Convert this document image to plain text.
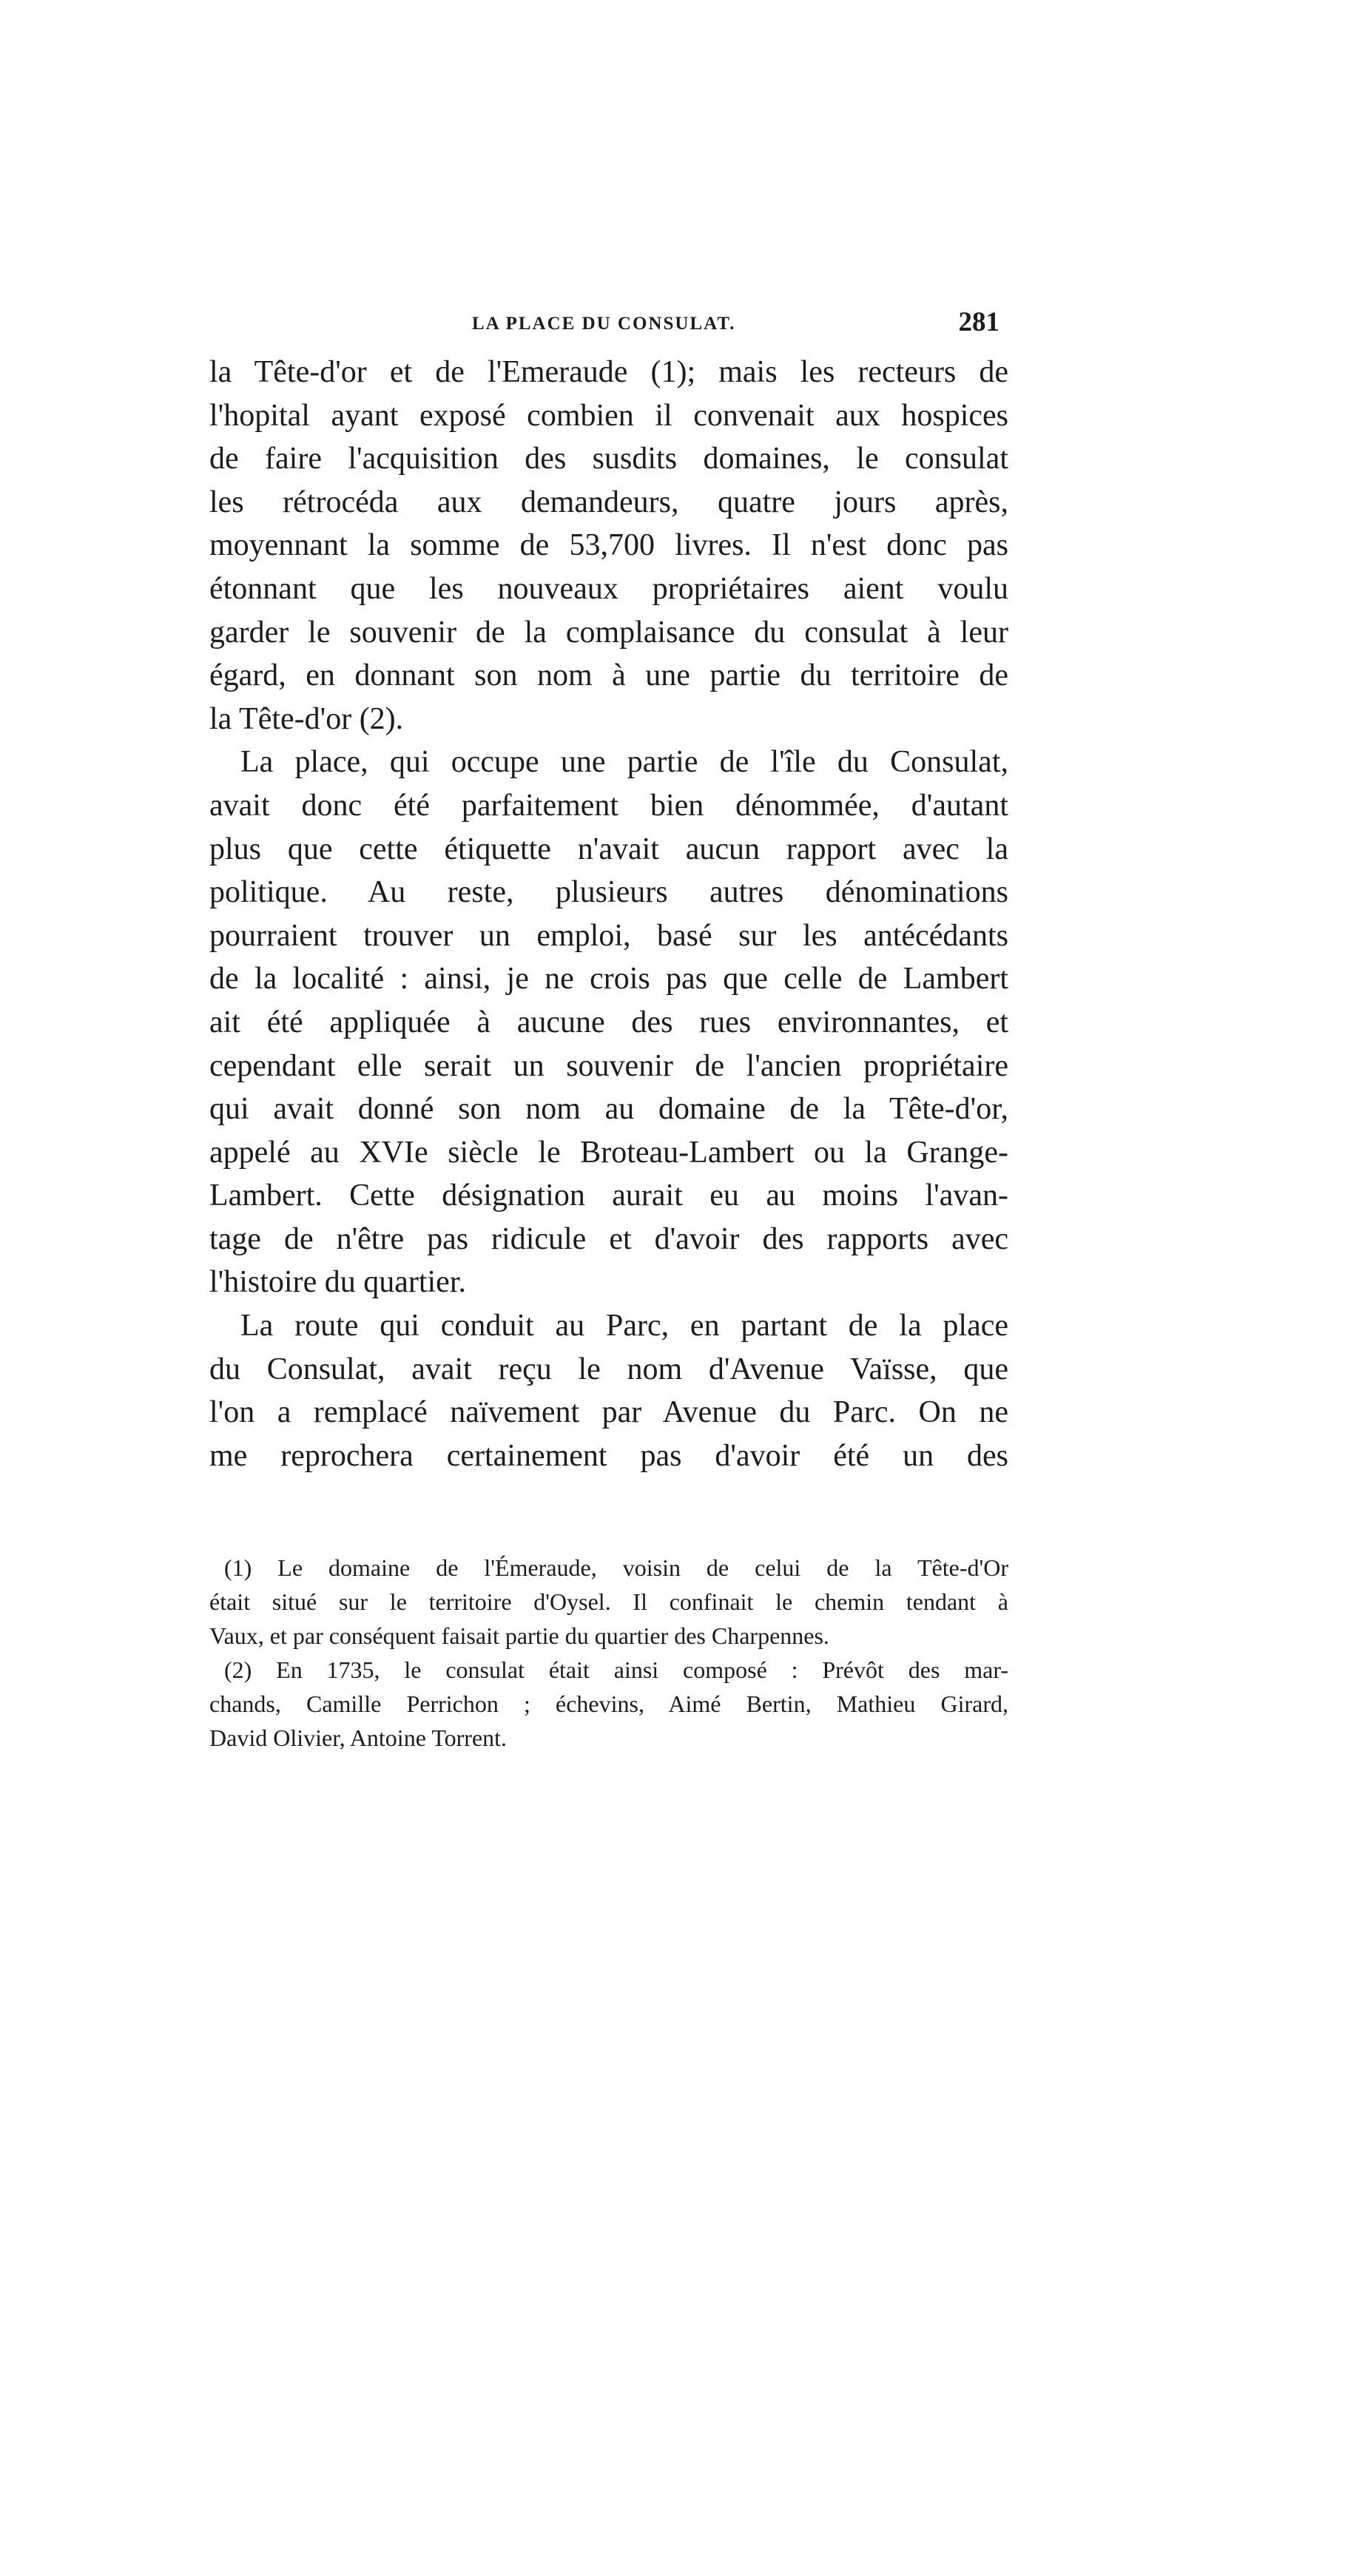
LA PLACE DU CONSULAT.	281

la Tête-d'or et de l'Emeraude (1); mais les recteurs de
l'hopital ayant exposé combien il convenait aux hospices
de faire l'acquisition des susdits domaines, le consulat
les rétrocéda aux demandeurs, quatre jours après,
moyennant la somme de 53,700 livres. Il n'est donc pas
étonnant que les nouveaux propriétaires aient voulu
garder le souvenir de la complaisance du consulat à leur
égard, en donnant son nom à une partie du territoire de
la Tête-d'or (2).

La place, qui occupe une partie de l'île du Consulat,
avait donc été parfaitement bien dénommée, d'autant
plus que cette étiquette n'avait aucun rapport avec la
politique. Au reste, plusieurs autres dénominations
pourraient trouver un emploi, basé sur les antécédants
de la localité : ainsi, je ne crois pas que celle de Lambert
ait été appliquée à aucune des rues environnantes, et
cependant elle serait un souvenir de l'ancien propriétaire
qui avait donné son nom au domaine de la Tête-d'or,
appelé au XVIe siècle le Broteau-Lambert ou la Grange-
Lambert. Cette désignation aurait eu au moins l'avan-
tage de n'être pas ridicule et d'avoir des rapports avec
l'histoire du quartier.

La route qui conduit au Parc, en partant de la place
du Consulat, avait reçu le nom d'Avenue Vaïsse, que
l'on a remplacé naïvement par Avenue du Parc. On ne
me reprochera certainement pas d'avoir été un des

(1) Le domaine de l'Émeraude, voisin de celui de la Tête-d'Or
était situé sur le territoire d'Oysel. Il confinait le chemin tendant à
Vaux, et par conséquent faisait partie du quartier des Charpennes.
(2) En 1735, le consulat était ainsi composé : Prévôt des mar-
chands, Camille Perrichon ; échevins, Aimé Bertin, Mathieu Girard,
David Olivier, Antoine Torrent.
